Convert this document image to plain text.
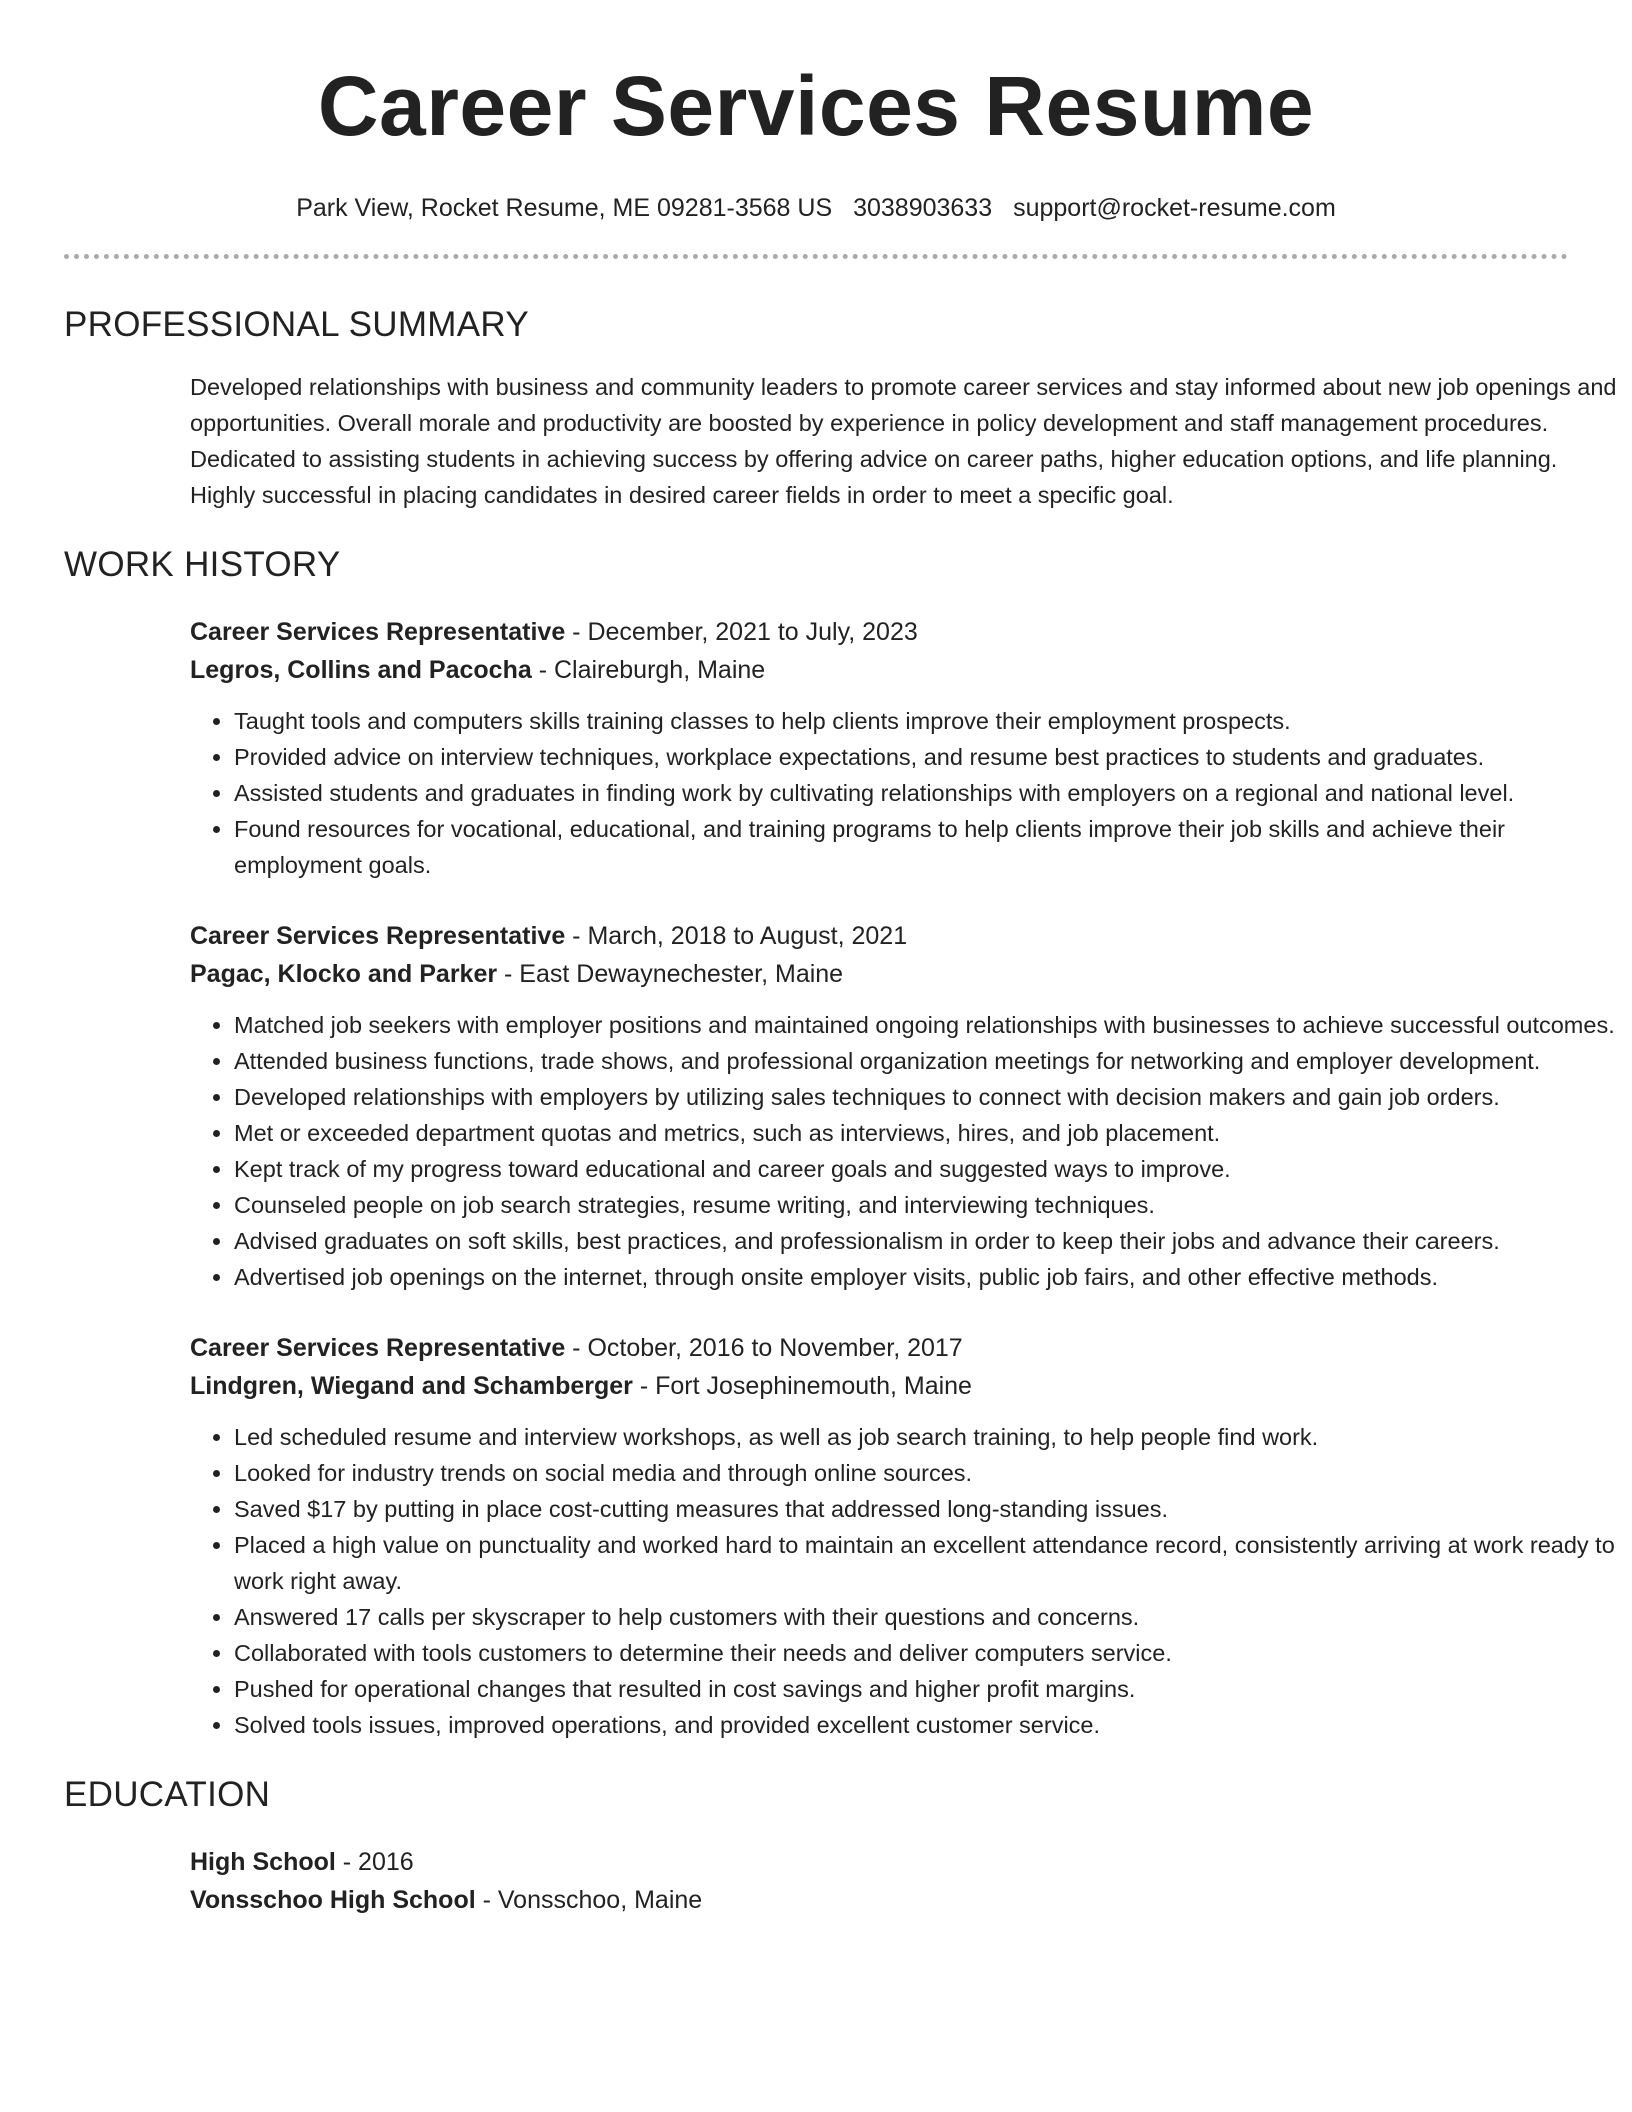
Career Services Resume
Park View, Rocket Resume, ME 09281-3568 US 3038903633 support@rocket-resume.com
PROFESSIONAL SUMMARY

Developed relationships with business and community leaders to promote career services and stay informed about new job openings and opportunities. Overall morale and productivity are boosted by experience in policy development and staff management procedures. Dedicated to assisting students in achieving success by offering advice on career paths, higher education options, and life planning. Highly successful in placing candidates in desired career fields in order to meet a specific goal.

WORK HISTORY
Career Services Representative - December, 2021 to July, 2023
Legros, Collins and Pacocha - Claireburgh, Maine
• Taught tools and computers skills training classes to help clients improve their employment prospects.
• Provided advice on interview techniques, workplace expectations, and resume best practices to students and graduates.
• Assisted students and graduates in finding work by cultivating relationships with employers on a regional and national level.
• Found resources for vocational, educational, and training programs to help clients improve their job skills and achieve their employment goals.
Career Services Representative - March, 2018 to August, 2021
Pagac, Klocko and Parker - East Dewaynechester, Maine
• Matched job seekers with employer positions and maintained ongoing relationships with businesses to achieve successful outcomes.
• Attended business functions, trade shows, and professional organization meetings for networking and employer development.
• Developed relationships with employers by utilizing sales techniques to connect with decision makers and gain job orders.
• Met or exceeded department quotas and metrics, such as interviews, hires, and job placement.
• Kept track of my progress toward educational and career goals and suggested ways to improve.
• Counseled people on job search strategies, resume writing, and interviewing techniques.
• Advised graduates on soft skills, best practices, and professionalism in order to keep their jobs and advance their careers.
• Advertised job openings on the internet, through onsite employer visits, public job fairs, and other effective methods.
Career Services Representative - October, 2016 to November, 2017
Lindgren, Wiegand and Schamberger - Fort Josephinemouth, Maine
• Led scheduled resume and interview workshops, as well as job search training, to help people find work.
• Looked for industry trends on social media and through online sources.
• Saved $17 by putting in place cost-cutting measures that addressed long-standing issues.
• Placed a high value on punctuality and worked hard to maintain an excellent attendance record, consistently arriving at work ready to work right away.
• Answered 17 calls per skyscraper to help customers with their questions and concerns.
• Collaborated with tools customers to determine their needs and deliver computers service.
• Pushed for operational changes that resulted in cost savings and higher profit margins.
• Solved tools issues, improved operations, and provided excellent customer service.
EDUCATION
High School - 2016
Vonsschoo High School - Vonsschoo, Maine
